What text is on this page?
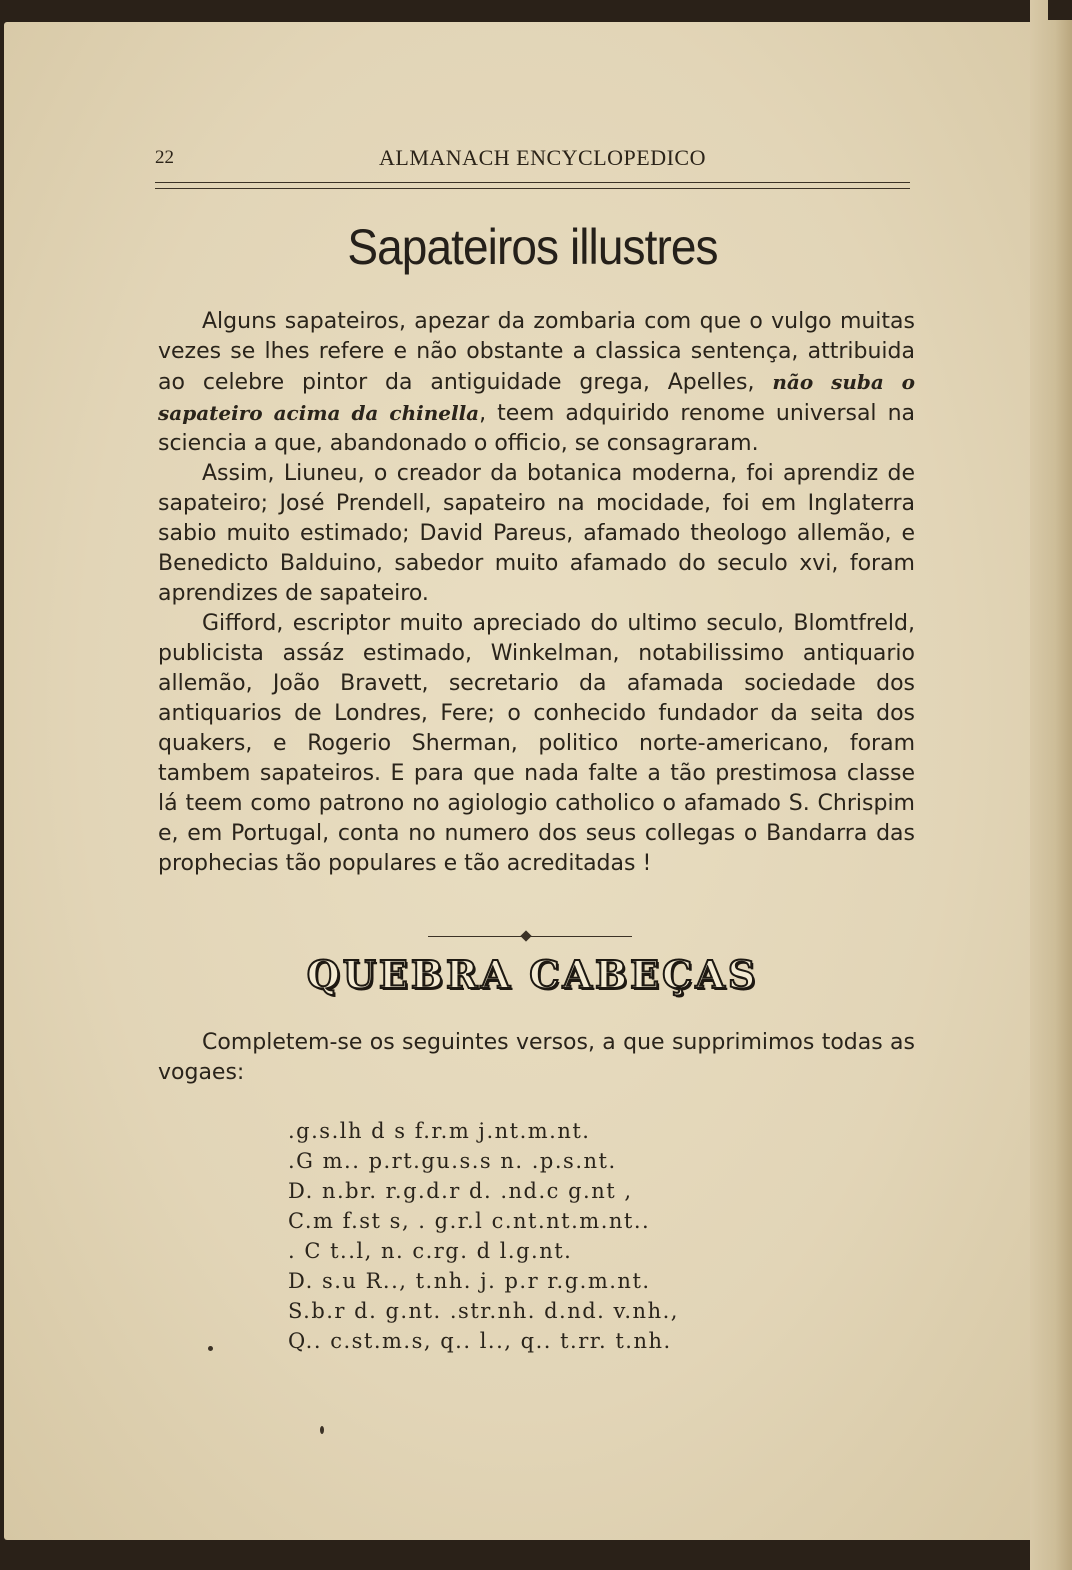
22	ALMANACH ENCYCLOPEDICO
Sapateiros illustres

Alguns sapateiros, apezar da zombaria com que o vulgo muitas vezes se lhes refere e não obstante a classica sentença, attribuida ao celebre pintor da antiguidade grega, Apelles, não suba o sapateiro acima da chinella, teem adquirido renome universal na sciencia a que, abandonado o officio, se consagraram.

Assim, Liuneu, o creador da botanica moderna, foi aprendiz de sapateiro; José Prendell, sapateiro na mocidade, foi em Inglaterra sabio muito estimado; David Pareus, afamado theologo allemão, e Benedicto Balduino, sabedor muito afamado do seculo xvi, foram aprendizes de sapateiro.

Gifford, escriptor muito apreciado do ultimo seculo, Blomtfreld, publicista assáz estimado, Winkelman, notabilissimo antiquario allemão, João Bravett, secretario da afamada sociedade dos antiquarios de Londres, Fere; o conhecido fundador da seita dos quakers, e Rogerio Sherman, politico norte-americano, foram tambem sapateiros. E para que nada falte a tão prestimosa classe lá teem como patrono no agiologio catholico o afamado S. Chrispim e, em Portugal, conta no numero dos seus collegas o Bandarra das prophecias tão populares e tão acreditadas !

QUEBRA CABEÇAS
Completem-se os seguintes versos, a que supprimimos todas as vogaes:
.g.s.lh d s f.r.m j.nt.m.nt.
.G m.. p.rt.gu.s.s n. .p.s.nt.
D. n.br. r.g.d.r d. .nd.c g.nt ,
C.m f.st s, . g.r.l c.nt.nt.m.nt..
. C t..l, n. c.rg. d l.g.nt.
D. s.u R.., t.nh. j. p.r r.g.m.nt.
S.b.r d. g.nt. .str.nh. d.nd. v.nh.,
Q.. c.st.m.s, q.. l.., q.. t.rr. t.nh.
